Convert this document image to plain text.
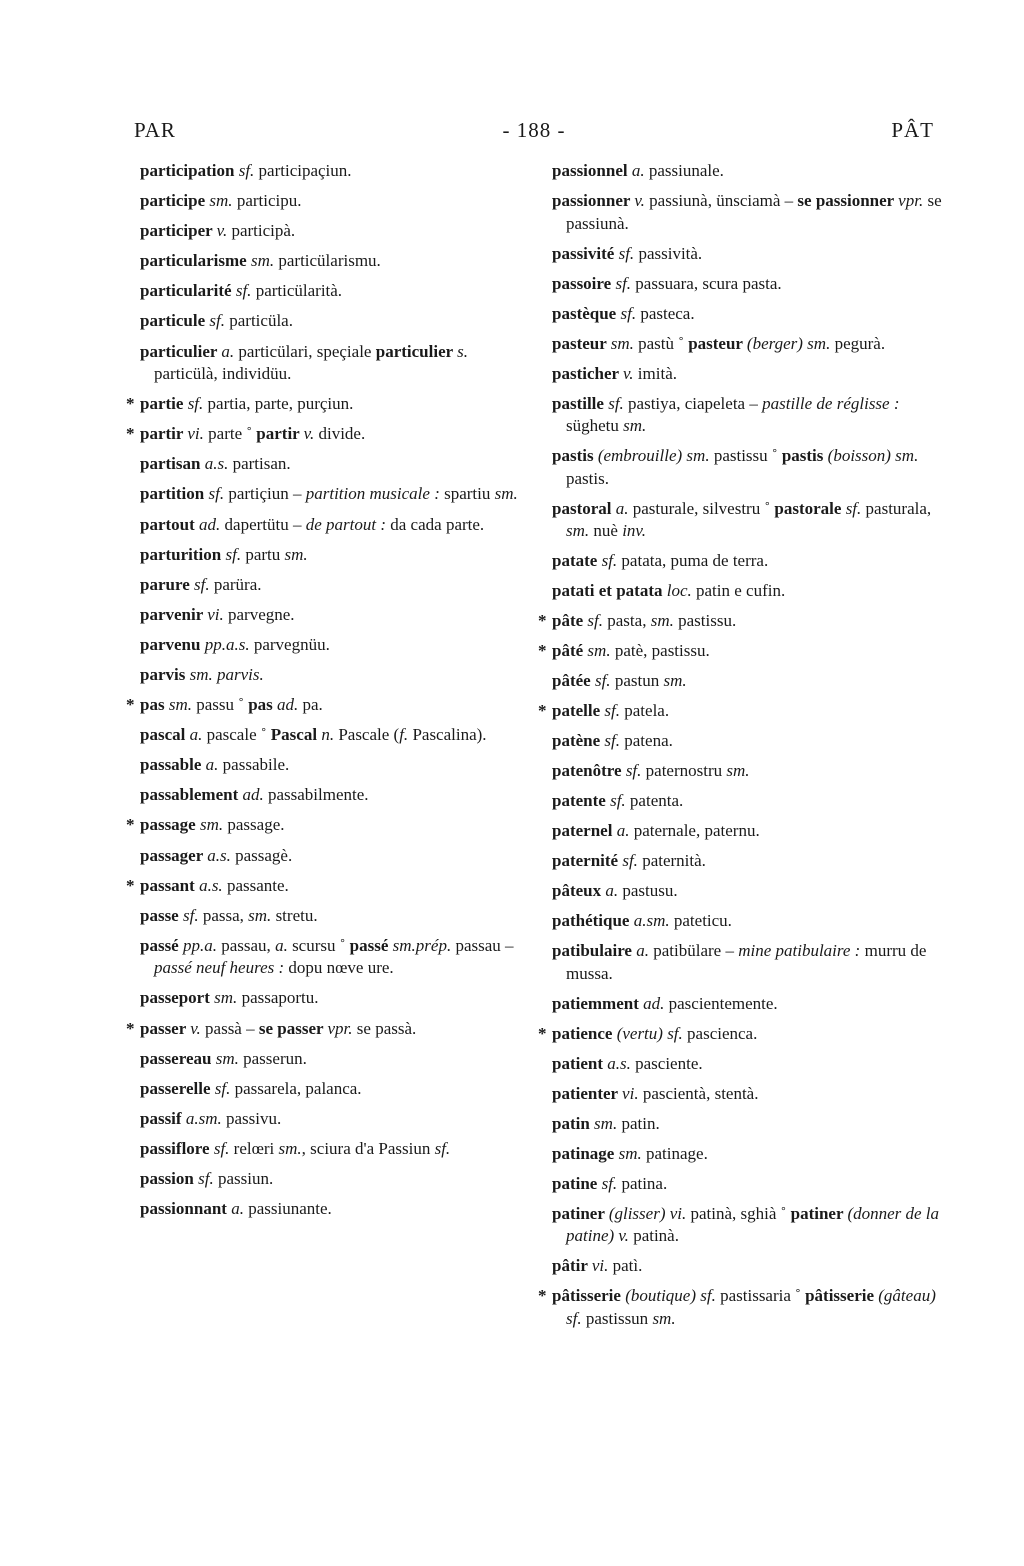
PAR	- 188 -	PÂT
participation sf. participaçiun.
participe sm. participu.
participer v. participà.
particularisme sm. particülarismu.
particularité sf. particülarità.
particule sf. particüla.
particulier a. particülari, speçiale particulier s. particülà, individüu.
* partie sf. partia, parte, purçiun.
* partir vi. parte ˚ partir v. divide.
partisan a.s. partisan.
partition sf. partiçiun – partition musicale : spartiu sm.
partout ad. dapertütu – de partout : da cada parte.
parturition sf. partu sm.
parure sf. parüra.
parvenir vi. parvegne.
parvenu pp.a.s. parvegnüu.
parvis sm. parvis.
* pas sm. passu ˚ pas ad. pa.
pascal a. pascale ˚ Pascal n. Pascale (f. Pascalina).
passable a. passabile.
passablement ad. passabilmente.
* passage sm. passage.
passager a.s. passagè.
* passant a.s. passante.
passe sf. passa, sm. stretu.
passé pp.a. passau, a. scursu ˚ passé sm.prép. passau – passé neuf heures : dopu nœve ure.
passeport sm. passaportu.
* passer v. passà – se passer vpr. se passà.
passereau sm. passerun.
passerelle sf. passarela, palanca.
passif a.sm. passivu.
passiflore sf. relœri sm., sciura d'a Passiun sf.
passion sf. passiun.
passionnant a. passiunante.
passionnel a. passiunale.
passionner v. passiunà, ünsciamà – se passionner vpr. se passiunà.
passivité sf. passività.
passoire sf. passuara, scura pasta.
pastèque sf. pasteca.
pasteur sm. pastù ˚ pasteur (berger) sm. pegurà.
pasticher v. imità.
pastille sf. pastiya, ciapeleta – pastille de réglisse : süghetu sm.
pastis (embrouille) sm. pastissu ˚ pastis (boisson) sm. pastis.
pastoral a. pasturale, silvestru ˚ pastorale sf. pasturala, sm. nuè inv.
patate sf. patata, puma de terra.
patati et patata loc. patin e cufin.
* pâte sf. pasta, sm. pastissu.
* pâté sm. patè, pastissu.
pâtée sf. pastun sm.
* patelle sf. patela.
patène sf. patena.
patenôtre sf. paternostru sm.
patente sf. patenta.
paternel a. paternale, paternu.
paternité sf. paternità.
pâteux a. pastusu.
pathétique a.sm. pateticu.
patibulaire a. patibülare – mine patibulaire : murru de mussa.
patiemment ad. pascientemente.
* patience (vertu) sf. pascienca.
patient a.s. pasciente.
patienter vi. pascientà, stentà.
patin sm. patin.
patinage sm. patinage.
patine sf. patina.
patiner (glisser) vi. patinà, sghià ˚ patiner (donner de la patine) v. patinà.
pâtir vi. patì.
* pâtisserie (boutique) sf. pastissaria ˚ pâtisserie (gâteau) sf. pastissun sm.
